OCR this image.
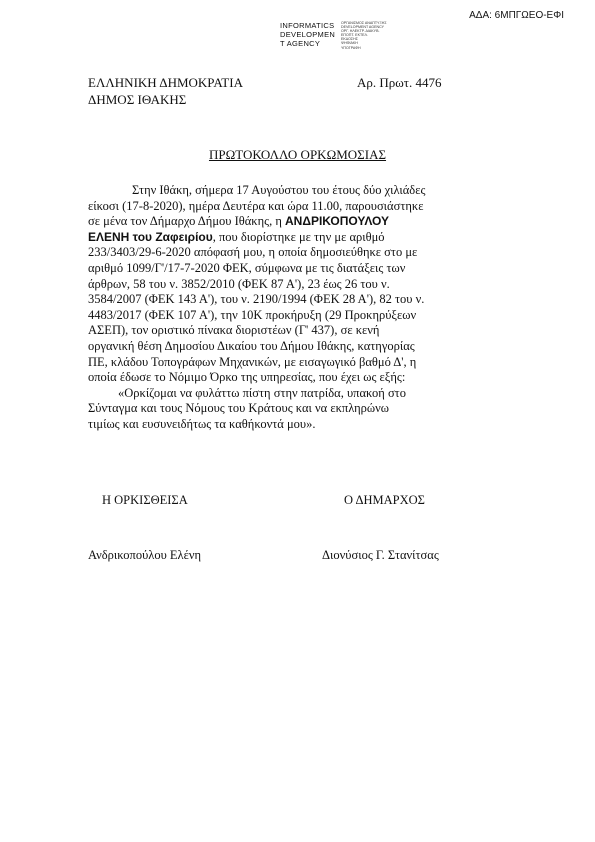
ΑΔΑ: 6ΜΠΓΩΕΟ-ΕΦΙ
INFORMATICS
DEVELOPMEN
T AGENCY
ΟΡΓΑΝΙΣΜΟΣ ΑΝΑΠΤΥΞΗΣ
DEVELOPMENT AGENCY
ΟΡΓ. ΗΛΕΚΤΡ. ΔΙΑΚΥΒ.
ΕΠΟΠΤ. ΕΚΤΕΛ.
ΕΚΔΟΣΗΣ
ΨΗΦΙΑΚΗ
ΥΠΟΓΡΑΦΗ
ΕΛΛΗΝΙΚΗ ΔΗΜΟΚΡΑΤΙΑ
ΔΗΜΟΣ ΙΘΑΚΗΣ
Αρ. Πρωτ. 4476
ΠΡΩΤΟΚΟΛΛΟ ΟΡΚΩΜΟΣΙΑΣ
Στην Ιθάκη, σήμερα 17 Αυγούστου του έτους δύο χιλιάδες
είκοσι (17-8-2020), ημέρα Δευτέρα και ώρα 11.00, παρουσιάστηκε
σε μένα τον Δήμαρχο Δήμου Ιθάκης, η ΑΝΔΡΙΚΟΠΟΥΛΟΥ
ΕΛΕΝΗ του Ζαφειρίου, που διορίστηκε με την με αριθμό
233/3403/29-6-2020 απόφασή μου, η οποία δημοσιεύθηκε στο με
αριθμό 1099/Γ'/17-7-2020 ΦΕΚ, σύμφωνα με τις διατάξεις των
άρθρων, 58 του ν. 3852/2010 (ΦΕΚ 87 Α'), 23 έως 26 του ν.
3584/2007 (ΦΕΚ 143 Α'), του ν. 2190/1994 (ΦΕΚ 28 Α'), 82 του ν.
4483/2017 (ΦΕΚ 107 Α'), την 10Κ προκήρυξη (29 Προκηρύξεων
ΑΣΕΠ), τον οριστικό πίνακα διοριστέων (Γ' 437), σε κενή
οργανική θέση Δημοσίου Δικαίου του Δήμου Ιθάκης, κατηγορίας
ΠΕ, κλάδου Τοπογράφων Μηχανικών, με εισαγωγικό βαθμό Δ', η
οποία έδωσε το Νόμιμο Όρκο της υπηρεσίας, που έχει ως εξής:
«Ορκίζομαι να φυλάττω πίστη στην πατρίδα, υπακοή στο
Σύνταγμα και τους Νόμους του Κράτους και να εκπληρώνω
τιμίως και ευσυνειδήτως τα καθήκοντά μου».
Η ΟΡΚΙΣΘΕΙΣΑ	Ο ΔΗΜΑΡΧΟΣ
Ανδρικοπούλου Ελένη	Διονύσιος Γ. Στανίτσας
